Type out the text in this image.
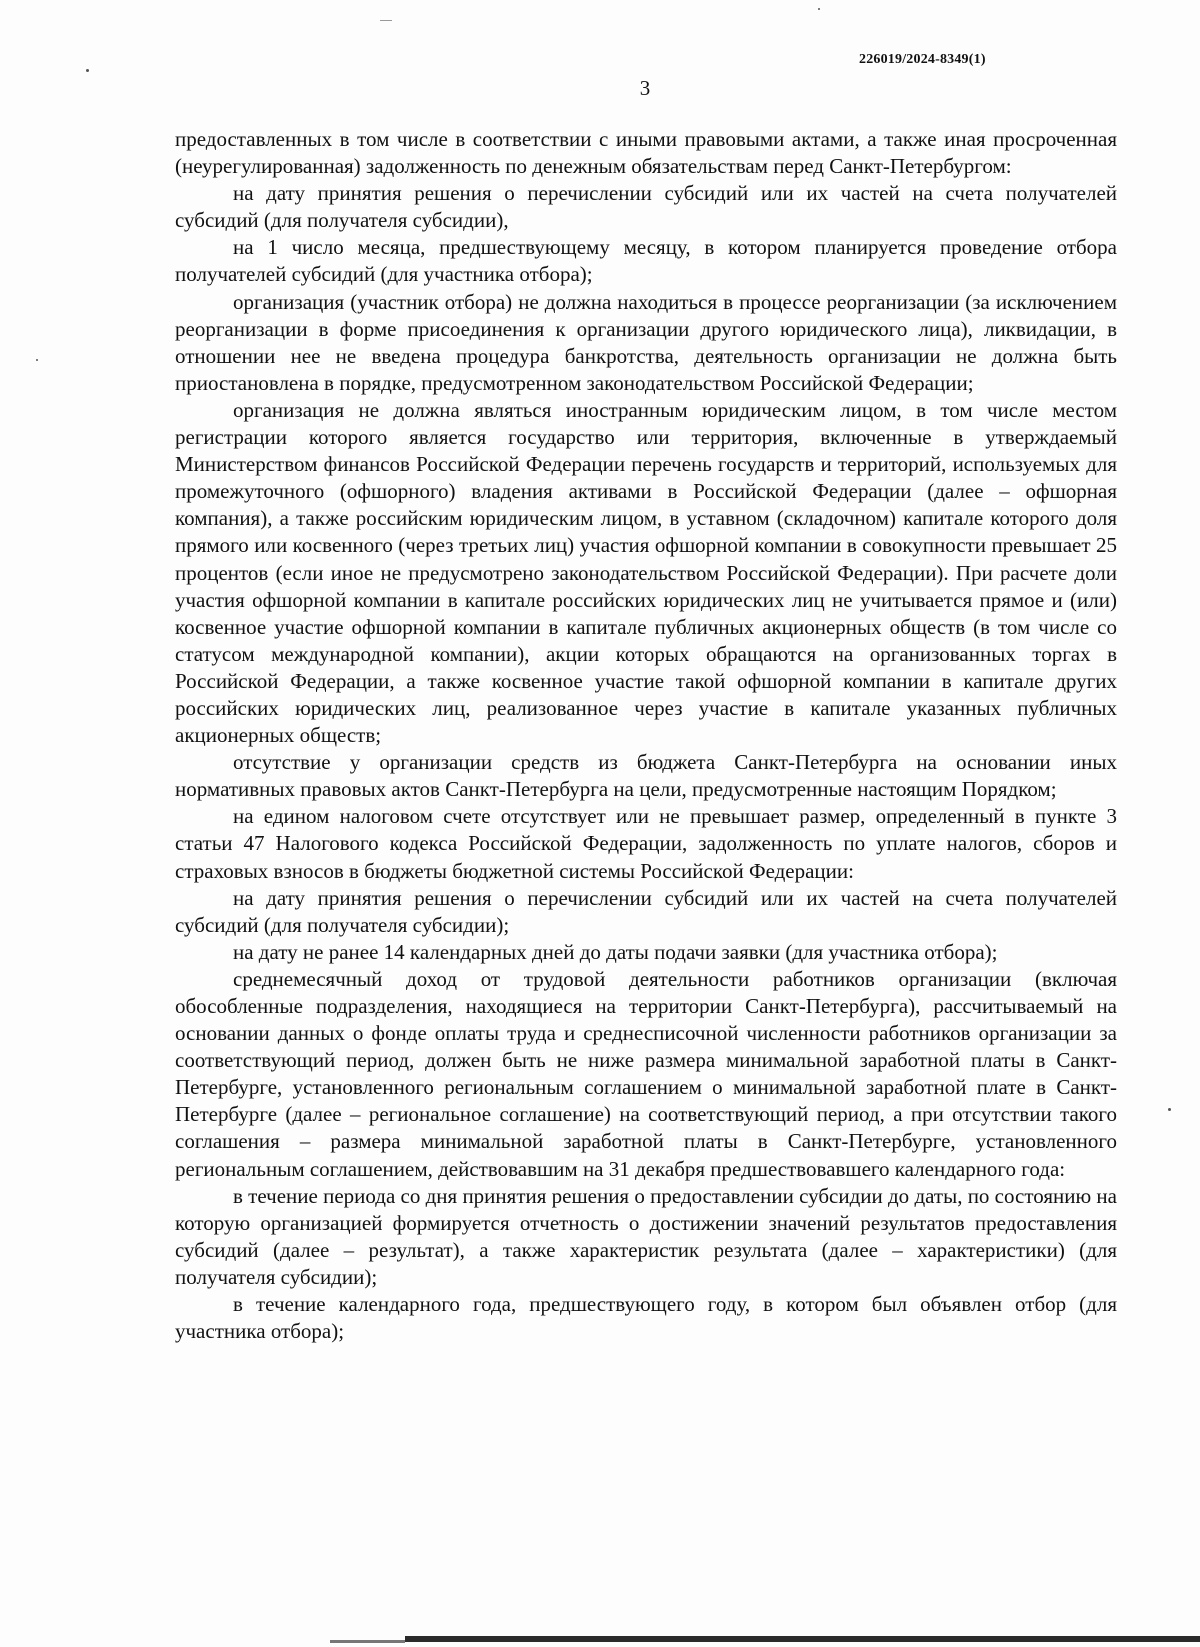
226019/2024-8349(1)
3

предоставленных в том числе в соответствии с иными правовыми актами, а также иная просроченная (неурегулированная) задолженность по денежным обязательствам перед Санкт-Петербургом:

на дату принятия решения о перечислении субсидий или их частей на счета получателей субсидий (для получателя субсидии),

на 1 число месяца, предшествующему месяцу, в котором планируется проведение отбора получателей субсидий (для участника отбора);

организация (участник отбора) не должна находиться в процессе реорганизации (за исключением реорганизации в форме присоединения к организации другого юридического лица), ликвидации, в отношении нее не введена процедура банкротства, деятельность организации не должна быть приостановлена в порядке, предусмотренном законодательством Российской Федерации;

организация не должна являться иностранным юридическим лицом, в том числе местом регистрации которого является государство или территория, включенные в утверждаемый Министерством финансов Российской Федерации перечень государств и территорий, используемых для промежуточного (офшорного) владения активами в Российской Федерации (далее – офшорная компания), а также российским юридическим лицом, в уставном (складочном) капитале которого доля прямого или косвенного (через третьих лиц) участия офшорной компании в совокупности превышает 25 процентов (если иное не предусмотрено законодательством Российской Федерации). При расчете доли участия офшорной компании в капитале российских юридических лиц не учитывается прямое и (или) косвенное участие офшорной компании в капитале публичных акционерных обществ (в том числе со статусом международной компании), акции которых обращаются на организованных торгах в Российской Федерации, а также косвенное участие такой офшорной компании в капитале других российских юридических лиц, реализованное через участие в капитале указанных публичных акционерных обществ;

отсутствие у организации средств из бюджета Санкт-Петербурга на основании иных нормативных правовых актов Санкт-Петербурга на цели, предусмотренные настоящим Порядком;

на едином налоговом счете отсутствует или не превышает размер, определенный в пункте 3 статьи 47 Налогового кодекса Российской Федерации, задолженность по уплате налогов, сборов и страховых взносов в бюджеты бюджетной системы Российской Федерации:

на дату принятия решения о перечислении субсидий или их частей на счета получателей субсидий (для получателя субсидии);

на дату не ранее 14 календарных дней до даты подачи заявки (для участника отбора);

среднемесячный доход от трудовой деятельности работников организации (включая обособленные подразделения, находящиеся на территории Санкт-Петербурга), рассчитываемый на основании данных о фонде оплаты труда и среднесписочной численности работников организации за соответствующий период, должен быть не ниже размера минимальной заработной платы в Санкт-Петербурге, установленного региональным соглашением о минимальной заработной плате в Санкт-Петербурге (далее – региональное соглашение) на соответствующий период, а при отсутствии такого соглашения – размера минимальной заработной платы в Санкт-Петербурге, установленного региональным соглашением, действовавшим на 31 декабря предшествовавшего календарного года:

в течение периода со дня принятия решения о предоставлении субсидии до даты, по состоянию на которую организацией формируется отчетность о достижении значений результатов предоставления субсидий (далее – результат), а также характеристик результата (далее – характеристики) (для получателя субсидии);

в течение календарного года, предшествующего году, в котором был объявлен отбор (для участника отбора);
